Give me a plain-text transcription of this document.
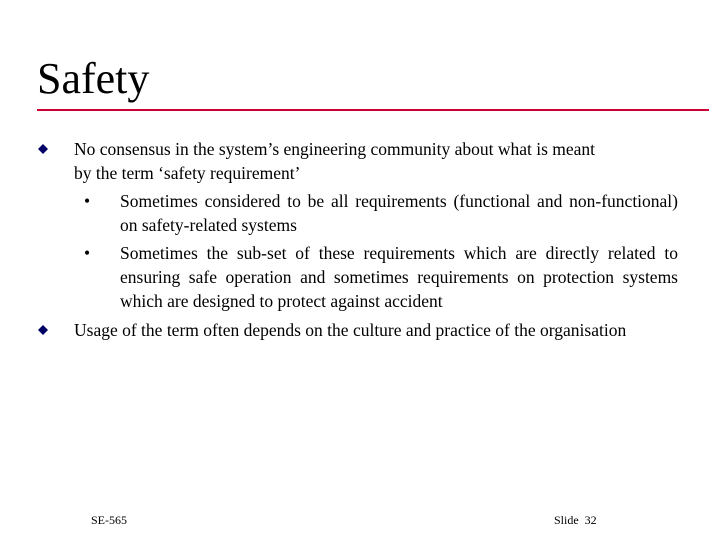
Safety

No consensus in the system’s engineering community about what is meant

by the term ‘safety requirement’

• Sometimes considered to be all requirements (functional and non-functional) on safety-related systems

• Sometimes the sub-set of these requirements which are directly related to ensuring safe operation and sometimes requirements on protection systems which are designed to protect against accident

Usage of the term often depends on the culture and practice of the organisation

SE-565	Slide 32
